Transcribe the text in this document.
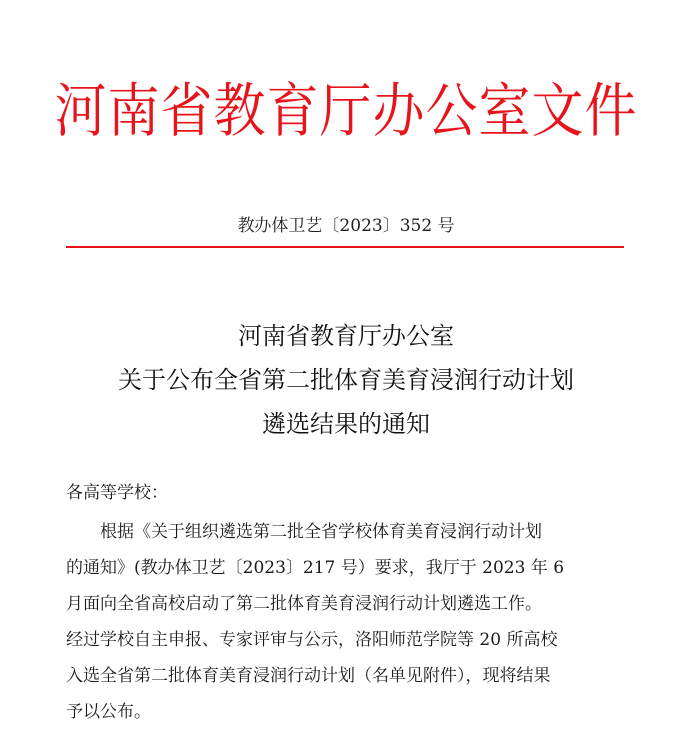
河南省教育厅办公室文件
教办体卫艺〔2023〕352 号
河南省教育厅办公室
关于公布全省第二批体育美育浸润行动计划
遴选结果的通知
各高等学校：
根据《关于组织遴选第二批全省学校体育美育浸润行动计划
的通知》(教办体卫艺〔2023〕217 号）要求，我厅于 2023 年 6
月面向全省高校启动了第二批体育美育浸润行动计划遴选工作。
经过学校自主申报、专家评审与公示，洛阳师范学院等 20 所高校
入选全省第二批体育美育浸润行动计划（名单见附件），现将结果
予以公布。
